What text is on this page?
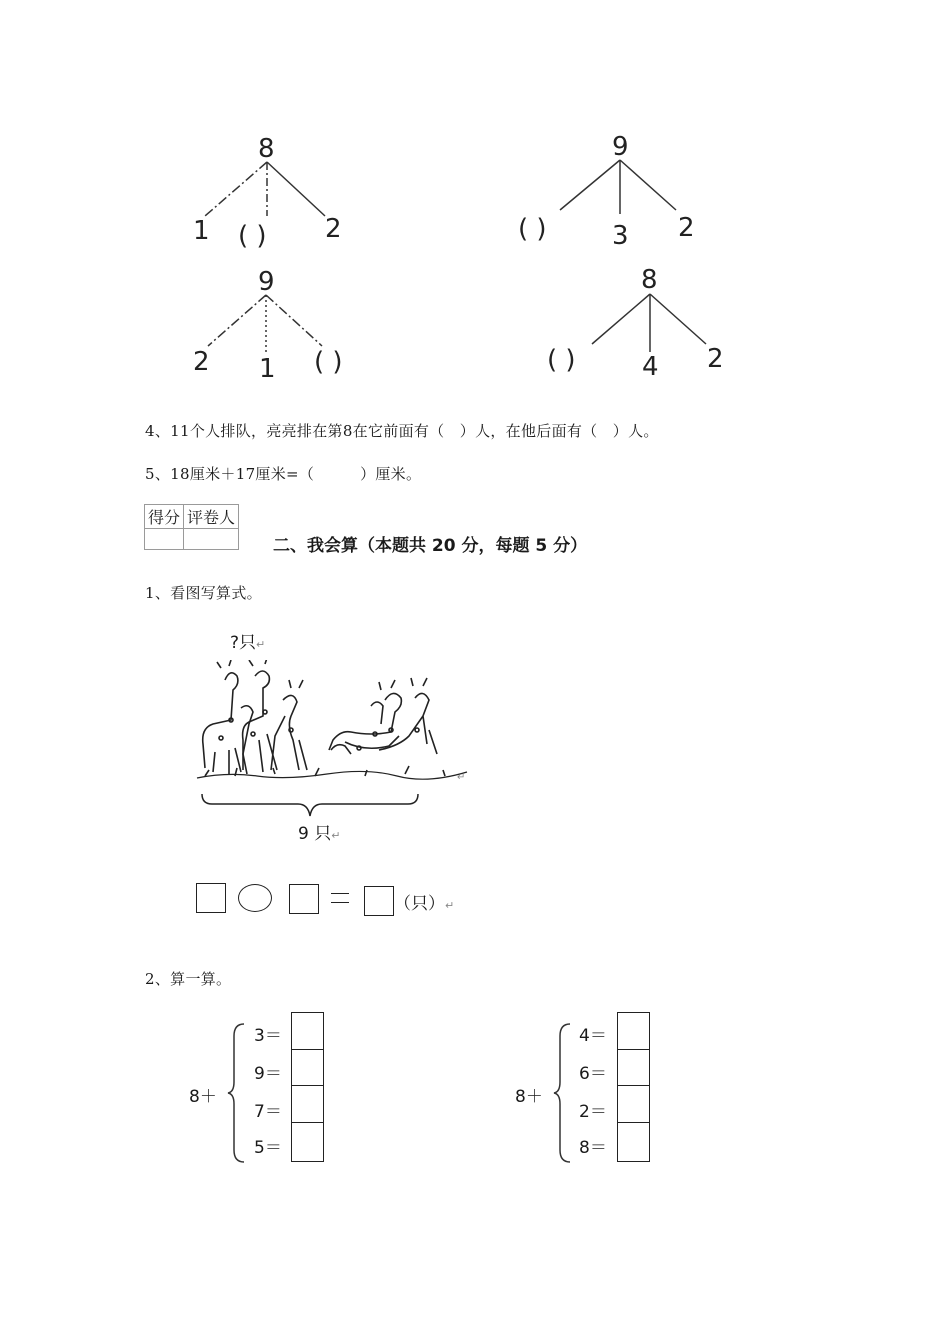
8
1 ( ) 2
9
( )	3 2
9
2 1 ( )
8
( )	4 2
4、11个人排队，亮亮排在第8在它前面有（　）人，在他后面有（　）人。
5、18厘米＋17厘米=（　　　）厘米。
得分	评卷人

二、我会算（本题共 20 分，每题 5 分）
1、看图写算式。
?只↵
↵
9 只↵
（只）↵
2、算一算。
8＋
3＝
9＝
7＝
5＝
8＋
4＝
6＝
2＝
8＝
